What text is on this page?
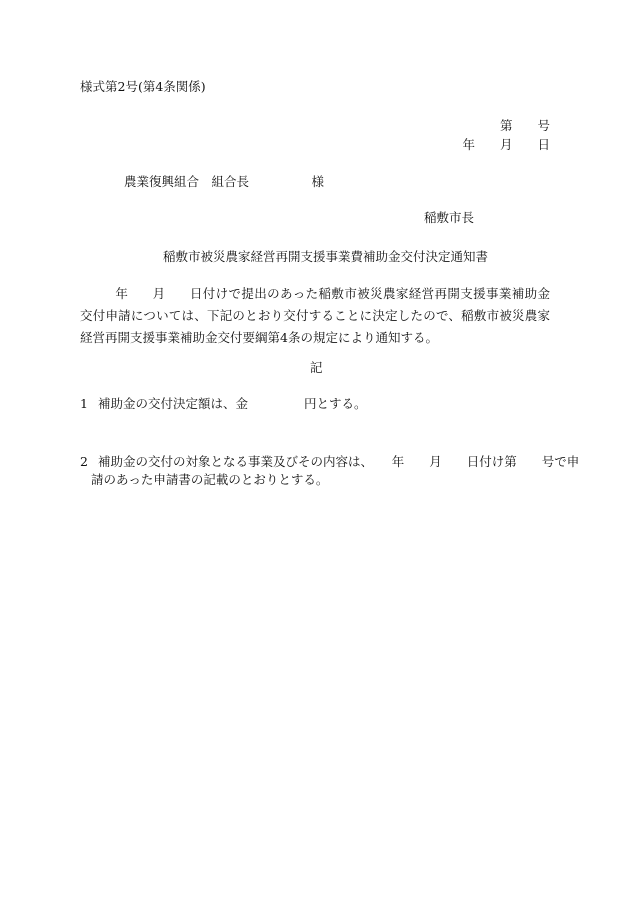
様式第2号(第4条関係)
第　　号
年　　月　　日
農業復興組合　組合長　　　　　様
稲敷市長
稲敷市被災農家経営再開支援事業費補助金交付決定通知書
年 月 日付けで提出のあった稲敷市被災農家経営再開支援事業補助金交付申請については、下記のとおり交付することに決定したので、稲敷市被災農家経営再開支援事業補助金交付要綱第4条の規定により通知する。
記
1 補助金の交付決定額は、金	円とする。
2 補助金の交付の対象となる事業及びその内容は、　　年　　月　　日付け第　　号で申
請のあった申請書の記載のとおりとする。
